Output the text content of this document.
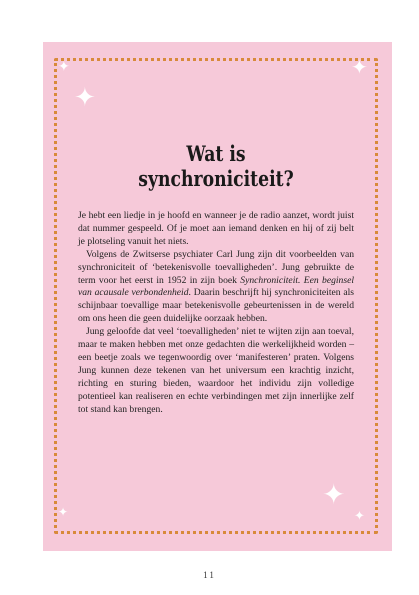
✦
✦
✦
✦
✦	✦
Wat is
synchroniciteit?

Je hebt een liedje in je hoofd en wanneer je de radio aanzet, wordt juist dat nummer gespeeld. Of je moet aan iemand denken en hij of zij belt je plotseling vanuit het niets.

Volgens de Zwitserse psychiater Carl Jung zijn dit voorbeelden van synchroniciteit of ‘betekenisvolle toevalligheden’. Jung gebruikte de term voor het eerst in 1952 in zijn boek Synchroniciteit. Een beginsel van acausale verbondenheid. Daarin beschrijft hij synchroniciteiten als schijnbaar toevallige maar betekenisvolle gebeurtenissen in de wereld om ons heen die geen duidelijke oorzaak hebben.

Jung geloofde dat veel ‘toevalligheden’ niet te wijten zijn aan toeval, maar te maken hebben met onze gedachten die werkelijkheid worden – een beetje zoals we tegenwoordig over ‘manifesteren’ praten. Volgens Jung kunnen deze tekenen van het universum een krachtig inzicht, richting en sturing bieden, waardoor het individu zijn volledige potentieel kan realiseren en echte verbindingen met zijn innerlijke zelf tot stand kan brengen.

11
